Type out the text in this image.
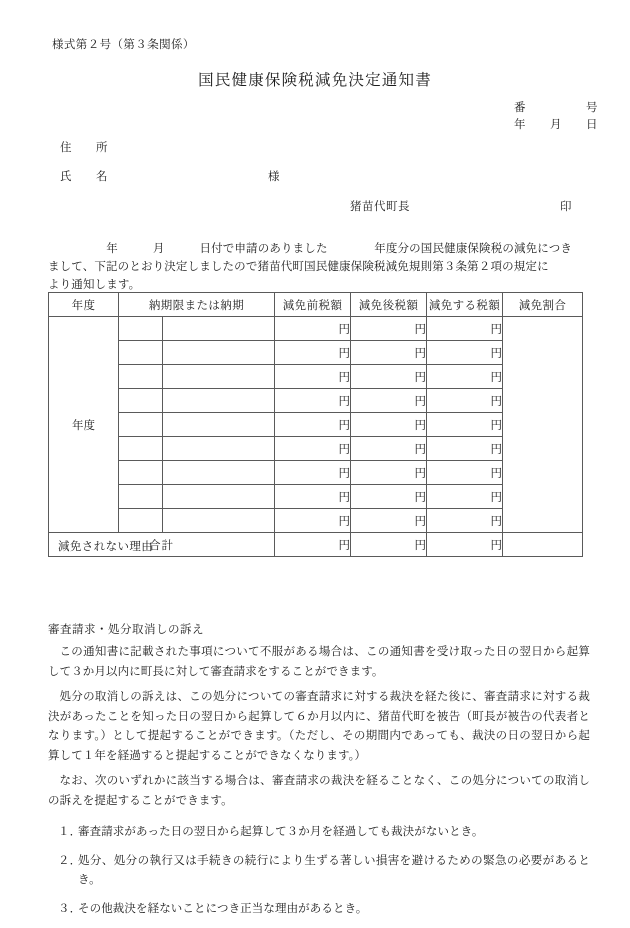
様式第２号（第３条関係）
国民健康保険税減免決定通知書
番　　　　　号
年　　月　　日
住　　所
氏　　名	様
猪苗代町長	印
　　　　　年　　　月　　　日付で申請のありました　　　　年度分の国民健康保険税の減免につき
まして、下記のとおり決定しましたので猪苗代町国民健康保険税減免規則第３条第２項の規定に
より通知します。
年度	納期限または納期		減免前税額	減免後税額	減免する税額	減免割合
年度			円	円	円	
			円	円	円	
			円	円	円	
			円	円	円	
			円	円	円	
			円	円	円	
			円	円	円	
			円	円	円	
			円	円	円	
合計			円	円	円	
減免されない理由
審査請求・処分取消しの訴え

この通知書に記載された事項について不服がある場合は、この通知書を受け取った日の翌日から起算して３か月以内に町長に対して審査請求をすることができます。

処分の取消しの訴えは、この処分についての審査請求に対する裁決を経た後に、審査請求に対する裁決があったことを知った日の翌日から起算して６か月以内に、猪苗代町を被告（町長が被告の代表者となります。）として提起することができます。（ただし、その期間内であっても、裁決の日の翌日から起算して１年を経過すると提起することができなくなります。）

なお、次のいずれかに該当する場合は、審査請求の裁決を経ることなく、この処分についての取消しの訴えを提起することができます。

１．
審査請求があった日の翌日から起算して３か月を経過しても裁決がないとき。
２．
処分、処分の執行又は手続きの続行により生ずる著しい損害を避けるための緊急の必要があるとき。
３．
その他裁決を経ないことにつき正当な理由があるとき。
